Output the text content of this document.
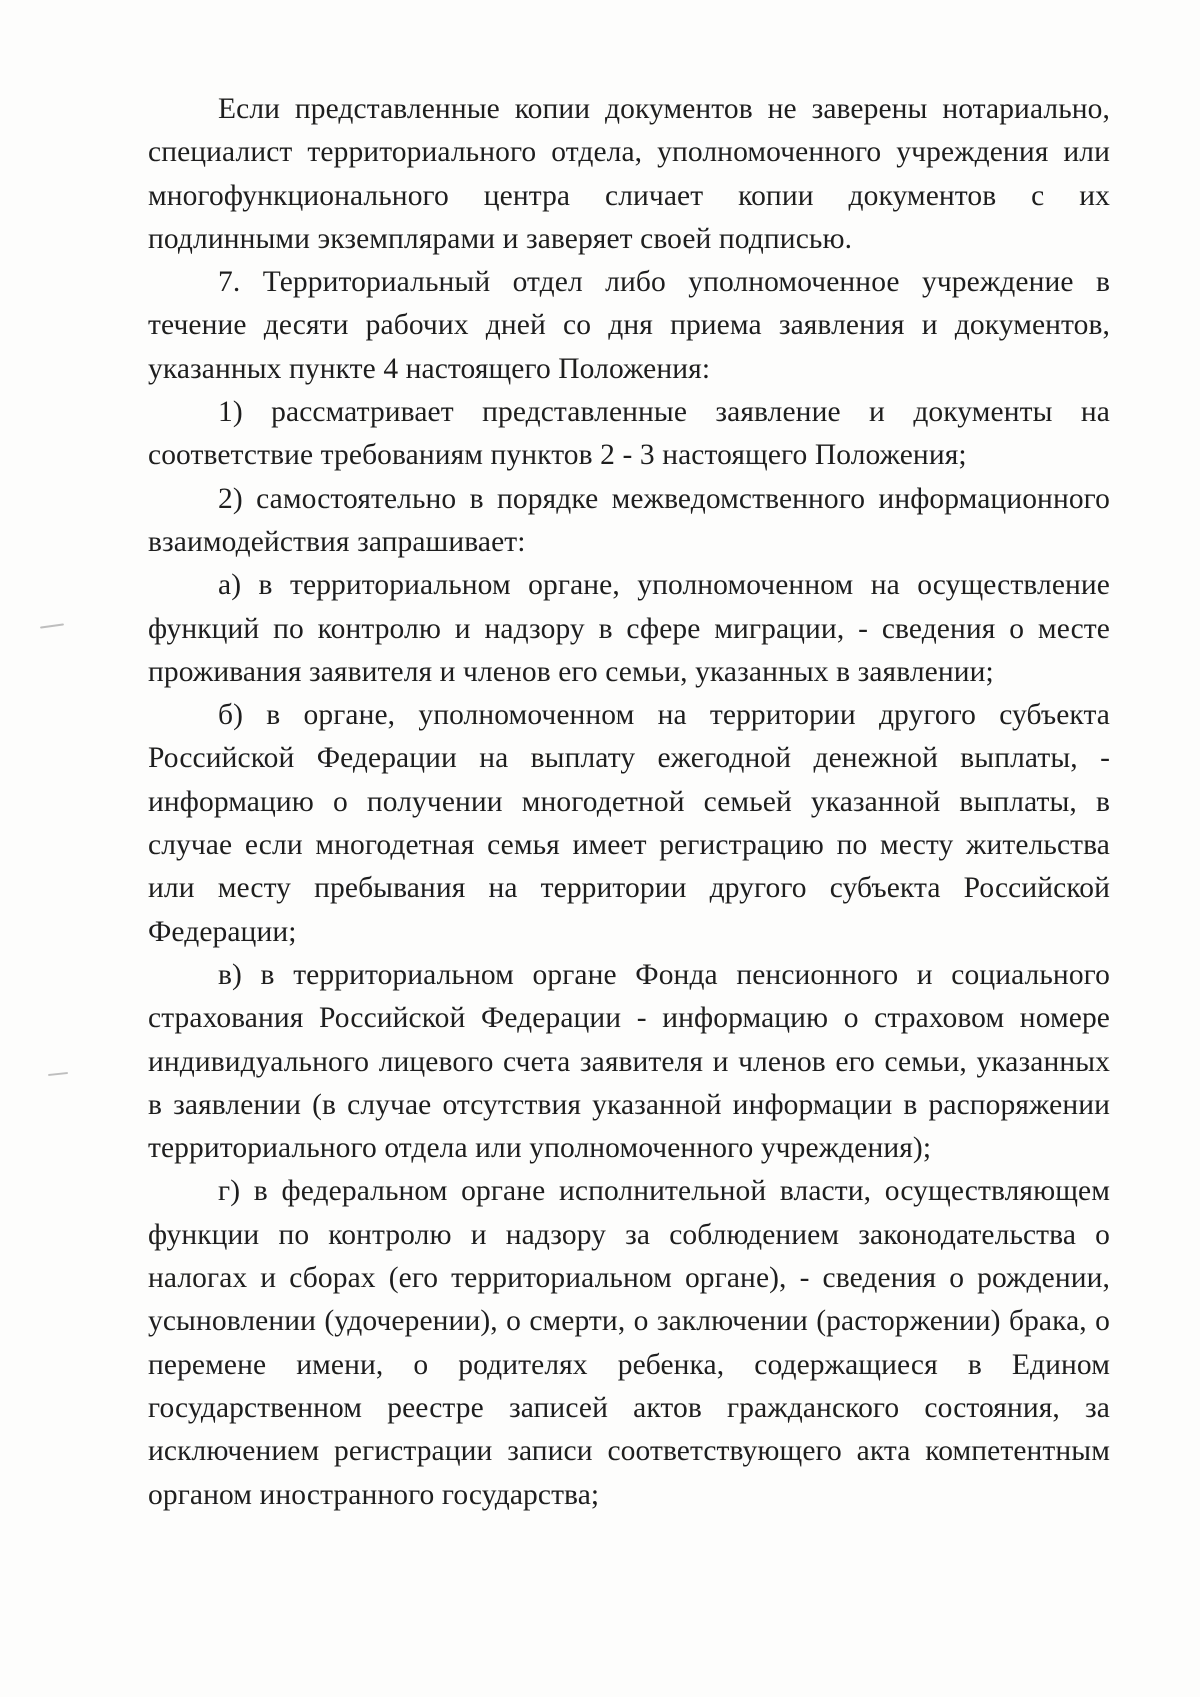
Если представленные копии документов не заверены нотариально, специалист территориального отдела, уполномоченного учреждения или многофункционального центра сличает копии документов с их подлинными экземплярами и заверяет своей подписью.

7. Территориальный отдел либо уполномоченное учреждение в течение десяти рабочих дней со дня приема заявления и документов, указанных пункте 4 настоящего Положения:

1) рассматривает представленные заявление и документы на соответствие требованиям пунктов 2 - 3 настоящего Положения;

2) самостоятельно в порядке межведомственного информационного взаимодействия запрашивает:

а) в территориальном органе, уполномоченном на осуществление функций по контролю и надзору в сфере миграции, - сведения о месте проживания заявителя и членов его семьи, указанных в заявлении;

б) в органе, уполномоченном на территории другого субъекта Российской Федерации на выплату ежегодной денежной выплаты, - информацию о получении многодетной семьей указанной выплаты, в случае если многодетная семья имеет регистрацию по месту жительства или месту пребывания на территории другого субъекта Российской Федерации;

в) в территориальном органе Фонда пенсионного и социального страхования Российской Федерации - информацию о страховом номере индивидуального лицевого счета заявителя и членов его семьи, указанных в заявлении (в случае отсутствия указанной информации в распоряжении территориального отдела или уполномоченного учреждения);

г) в федеральном органе исполнительной власти, осуществляющем функции по контролю и надзору за соблюдением законодательства о налогах и сборах (его территориальном органе), - сведения о рождении, усыновлении (удочерении), о смерти, о заключении (расторжении) брака, о перемене имени, о родителях ребенка, содержащиеся в Едином государственном реестре записей актов гражданского состояния, за исключением регистрации записи соответствующего акта компетентным органом иностранного государства;
